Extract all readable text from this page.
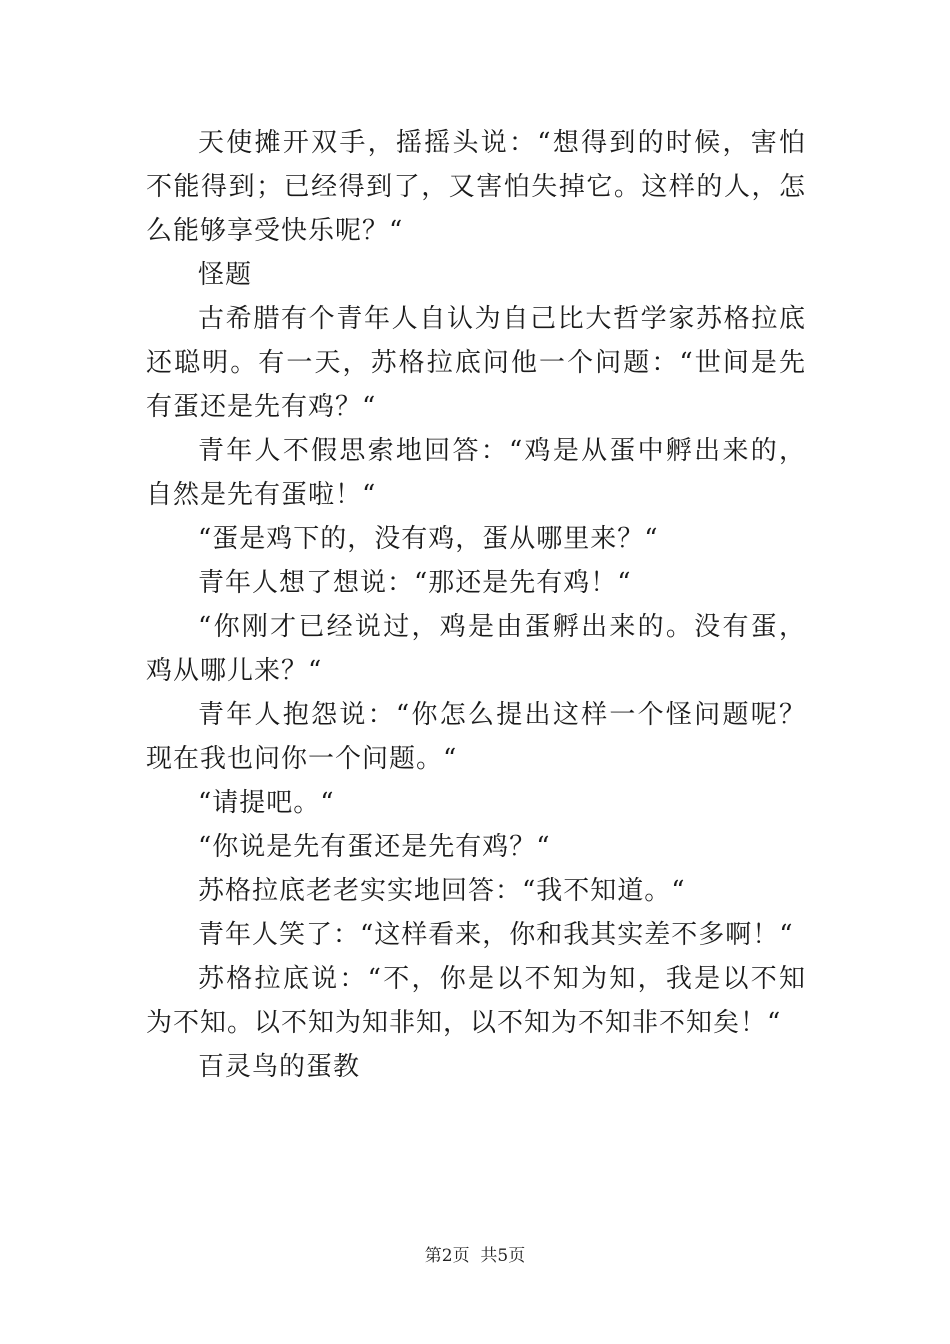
天使摊开双手，摇摇头说：“想得到的时候，害怕不能得到；已经得到了，又害怕失掉它。这样的人，怎么能够享受快乐呢？“

怪题

古希腊有个青年人自认为自己比大哲学家苏格拉底还聪明。有一天，苏格拉底问他一个问题：“世间是先有蛋还是先有鸡？“

青年人不假思索地回答：“鸡是从蛋中孵出来的，自然是先有蛋啦！“

“蛋是鸡下的，没有鸡，蛋从哪里来？“

青年人想了想说：“那还是先有鸡！“

“你刚才已经说过，鸡是由蛋孵出来的。没有蛋，鸡从哪儿来？“

青年人抱怨说：“你怎么提出这样一个怪问题呢？现在我也问你一个问题。“

“请提吧。“

“你说是先有蛋还是先有鸡？“

苏格拉底老老实实地回答：“我不知道。“

青年人笑了：“这样看来，你和我其实差不多啊！“

苏格拉底说：“不，你是以不知为知，我是以不知为不知。以不知为知非知，以不知为不知非不知矣！“

百灵鸟的蛋教

第2页 共5页
